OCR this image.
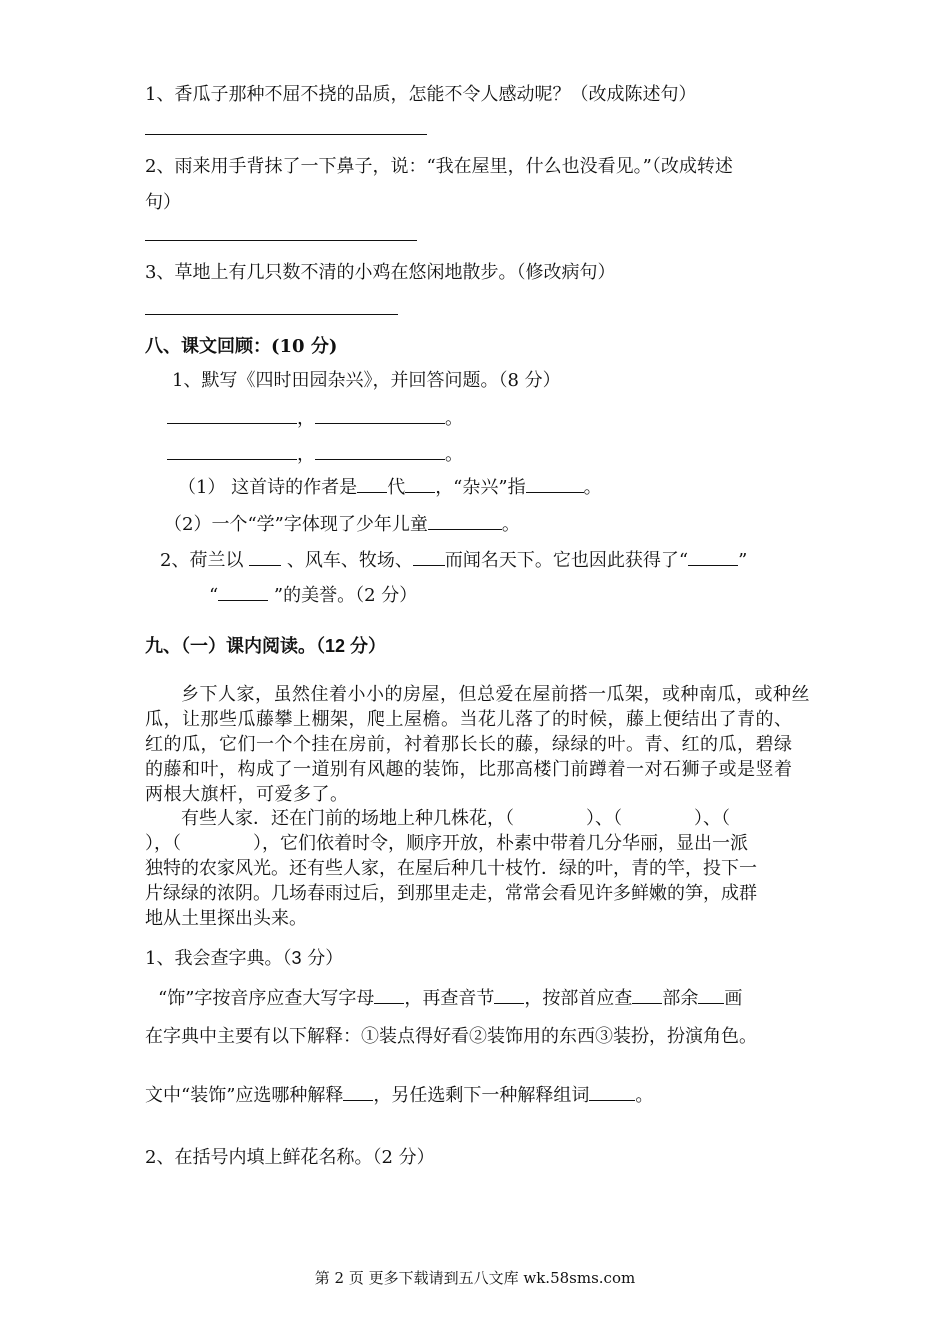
1、香瓜子那种不屈不挠的品质，怎能不令人感动呢？（改成陈述句）
2、雨来用手背抹了一下鼻子，说：“我在屋里，什么也没看见。”（改成转述
句）
3、草地上有几只数不清的小鸡在悠闲地散步。（修改病句）
八、课文回顾：(10 分)
1、默写《四时田园杂兴》，并回答问题。（8 分）
，	。
，	。
（1） 这首诗的作者是 代 ，“杂兴”指	。
（2）一个“学”字体现了少年儿童	。
2、荷兰以  、风车、牧场、 而闻名天下。它也因此获得了“	”
“	”的美誉。（2 分）
九、（一）课内阅读。（12 分）

乡下人家，虽然住着小小的房屋，但总爱在屋前搭一瓜架，或种南瓜，或种丝瓜，让那些瓜藤攀上棚架，爬上屋檐。当花儿落了的时候，藤上便结出了青的、红的瓜，它们一个个挂在房前，衬着那长长的藤，绿绿的叶。青、红的瓜，碧绿的藤和叶，构成了一道别有风趣的装饰，比那高楼门前蹲着一对石狮子或是竖着两根大旗杆，可爱多了。

有些人家．还在门前的场地上种几株花，（　　　　）、（　　　　）、（
），（　　　　），它们依着时令，顺序开放，朴素中带着几分华丽，显出一派
独特的农家风光。还有些人家，在屋后种几十枝竹．绿的叶，青的竿，投下一
片绿绿的浓阴。几场春雨过后，到那里走走，常常会看见许多鲜嫩的笋，成群
地从土里探出头来。
1、我会查字典。（3 分）
“饰”字按音序应查大写字母 ，再查音节 ，按部首应查 部余 画
在字典中主要有以下解释：①装点得好看②装饰用的东西③装扮，扮演角色。
文中“装饰”应选哪种解释 ，另任选剩下一种解释组词	。
2、在括号内填上鲜花名称。（2 分）
第 2 页 更多下载请到五八文库 wk.58sms.com
